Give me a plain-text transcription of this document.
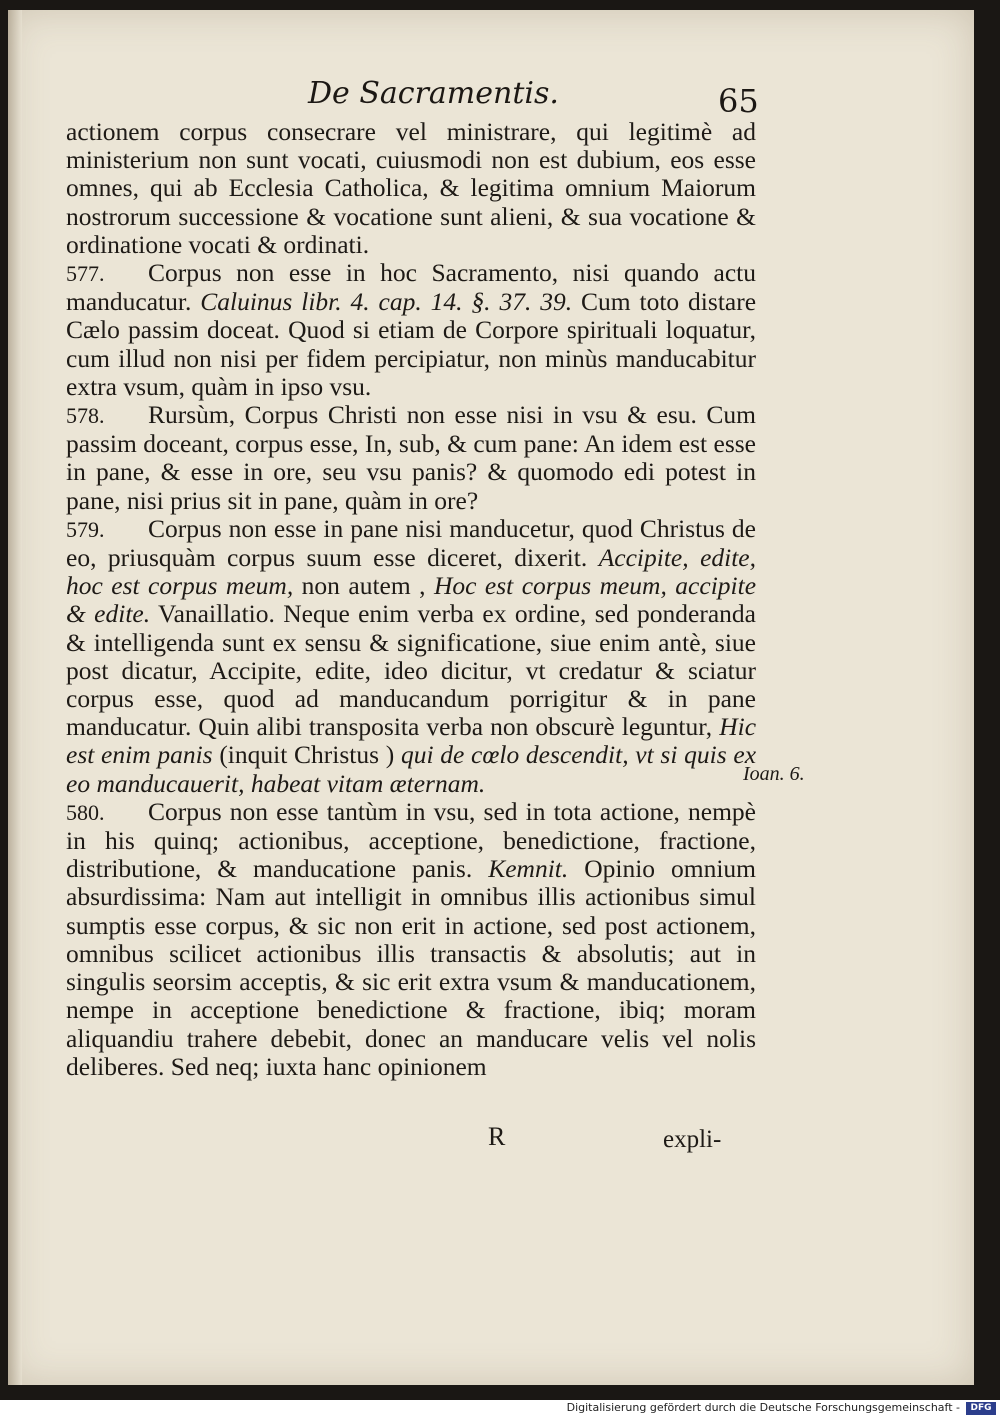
De Sacramentis.	65

actionem corpus consecrare vel ministrare, qui legitimè ad ministerium non sunt vocati, cuiusmodi non est dubium, eos esse omnes, qui ab Ecclesia Catholica, & legitima omnium Maiorum nostrorum successione & vocatione sunt alieni, & sua vocatione & ordinatione vocati & ordinati.

577. Corpus non esse in hoc Sacramento, nisi quando actu manducatur. Caluinus libr. 4. cap. 14. §. 37. 39. Cum toto distare Cælo passim doceat. Quod si etiam de Corpore spirituali loquatur, cum illud non nisi per fidem percipiatur, non minùs manducabitur extra vsum, quàm in ipso vsu.

578. Rursùm, Corpus Christi non esse nisi in vsu & esu. Cum passim doceant, corpus esse, In, sub, & cum pane: An idem est esse in pane, & esse in ore, seu vsu panis? & quomodo edi potest in pane, nisi prius sit in pane, quàm in ore?

579. Corpus non esse in pane nisi manducetur, quod Christus de eo, priusquàm corpus suum esse diceret, dixerit. Accipite, edite, hoc est corpus meum, non autem , Hoc est corpus meum, accipite & edite. Vanaillatio. Neque enim verba ex ordine, sed ponderanda & intelligenda sunt ex sensu & significatione, siue enim antè, siue post dicatur, Accipite, edite, ideo dicitur, vt credatur & sciatur corpus esse, quod ad manducandum porrigitur & in pane manducatur. Quin alibi transposita verba non obscurè leguntur, Hic est enim panis (inquit Christus ) qui de cœlo descendit, vt si quis ex eo manducauerit, habeat vitam æternam.

580. Corpus non esse tantùm in vsu, sed in tota actione, nempè in his quinq; actionibus, acceptione, benedictione, fractione, distributione, & manducatione panis. Kemnit. Opinio omnium absurdissima: Nam aut intelligit in omnibus illis actionibus simul sumptis esse corpus, & sic non erit in actione, sed post actionem, omnibus scilicet actionibus illis transactis & absolutis; aut in singulis seorsim acceptis, & sic erit extra vsum & manducationem, nempe in acceptione benedictione & fractione, ibiq; moram aliquandiu trahere debebit, donec an manducare velis vel nolis deliberes. Sed neq; iuxta hanc opinionem

Ioan. 6.
R	expli-
Digitalisierung gefördert durch die Deutsche Forschungsgemeinschaft -	DFG
